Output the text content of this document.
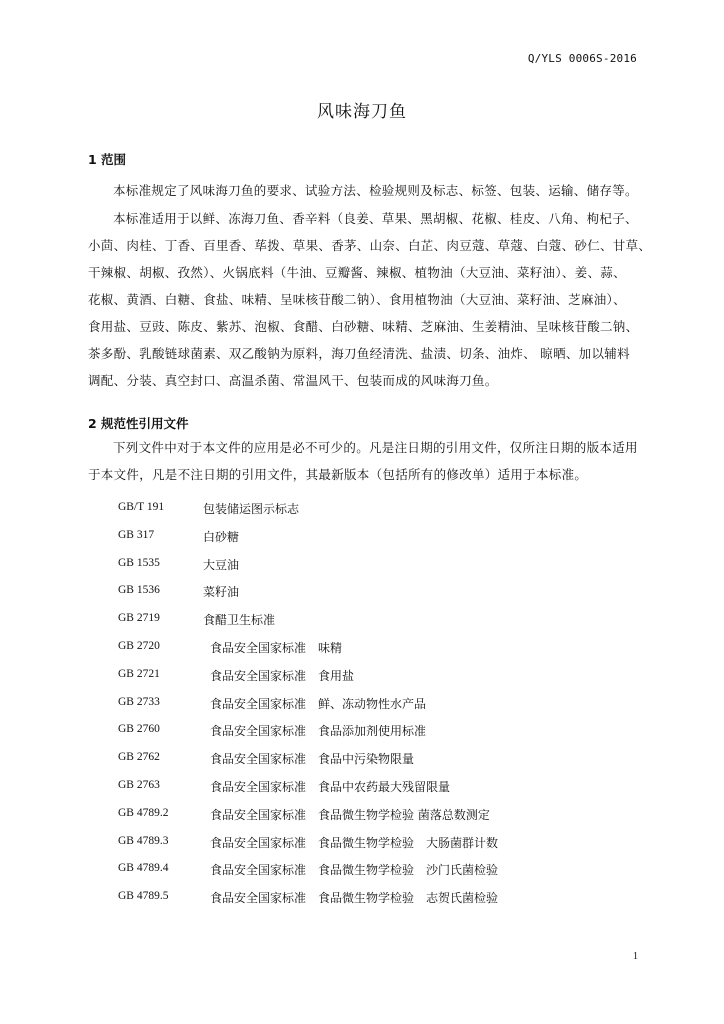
Q/YLS 0006S-2016
风味海刀鱼
1 范围
本标准规定了风味海刀鱼的要求、试验方法、检验规则及标志、标签、包装、运输、储存等。
本标准适用于以鲜、冻海刀鱼、香辛料（良姜、草果、黑胡椒、花椒、桂皮、八角、枸杞子、
小茴、肉桂、丁香、百里香、荜拨、草果、香茅、山奈、白芷、肉豆蔻、草蔻、白蔻、砂仁、甘草、
干辣椒、胡椒、孜然）、火锅底料（牛油、豆瓣酱、辣椒、植物油（大豆油、菜籽油）、姜、蒜、
花椒、黄酒、白糖、食盐、味精、呈味核苷酸二钠）、食用植物油（大豆油、菜籽油、芝麻油）、
食用盐、豆豉、陈皮、紫苏、泡椒、食醋、白砂糖、味精、芝麻油、生姜精油、呈味核苷酸二钠、
茶多酚、乳酸链球菌素、双乙酸钠为原料，海刀鱼经清洗、盐渍、切条、油炸、 晾晒、加以辅料
调配、分装、真空封口、高温杀菌、常温风干、包装而成的风味海刀鱼。
2 规范性引用文件
下列文件中对于本文件的应用是必不可少的。凡是注日期的引用文件，仅所注日期的版本适用
于本文件，凡是不注日期的引用文件，其最新版本（包括所有的修改单）适用于本标准。
GB/T 191	包装储运图示标志
GB 317	白砂糖
GB 1535	大豆油
GB 1536	菜籽油
GB 2719	食醋卫生标准
GB 2720	食品安全国家标准　味精
GB 2721	食品安全国家标准　食用盐
GB 2733	食品安全国家标准　鲜、冻动物性水产品
GB 2760	食品安全国家标准　食品添加剂使用标准
GB 2762	食品安全国家标准　食品中污染物限量
GB 2763	食品安全国家标准　食品中农药最大残留限量
GB 4789.2	食品安全国家标准　食品微生物学检验 菌落总数测定
GB 4789.3	食品安全国家标准　食品微生物学检验　大肠菌群计数
GB 4789.4	食品安全国家标准　食品微生物学检验　沙门氏菌检验
GB 4789.5	食品安全国家标准　食品微生物学检验　志贺氏菌检验
1
